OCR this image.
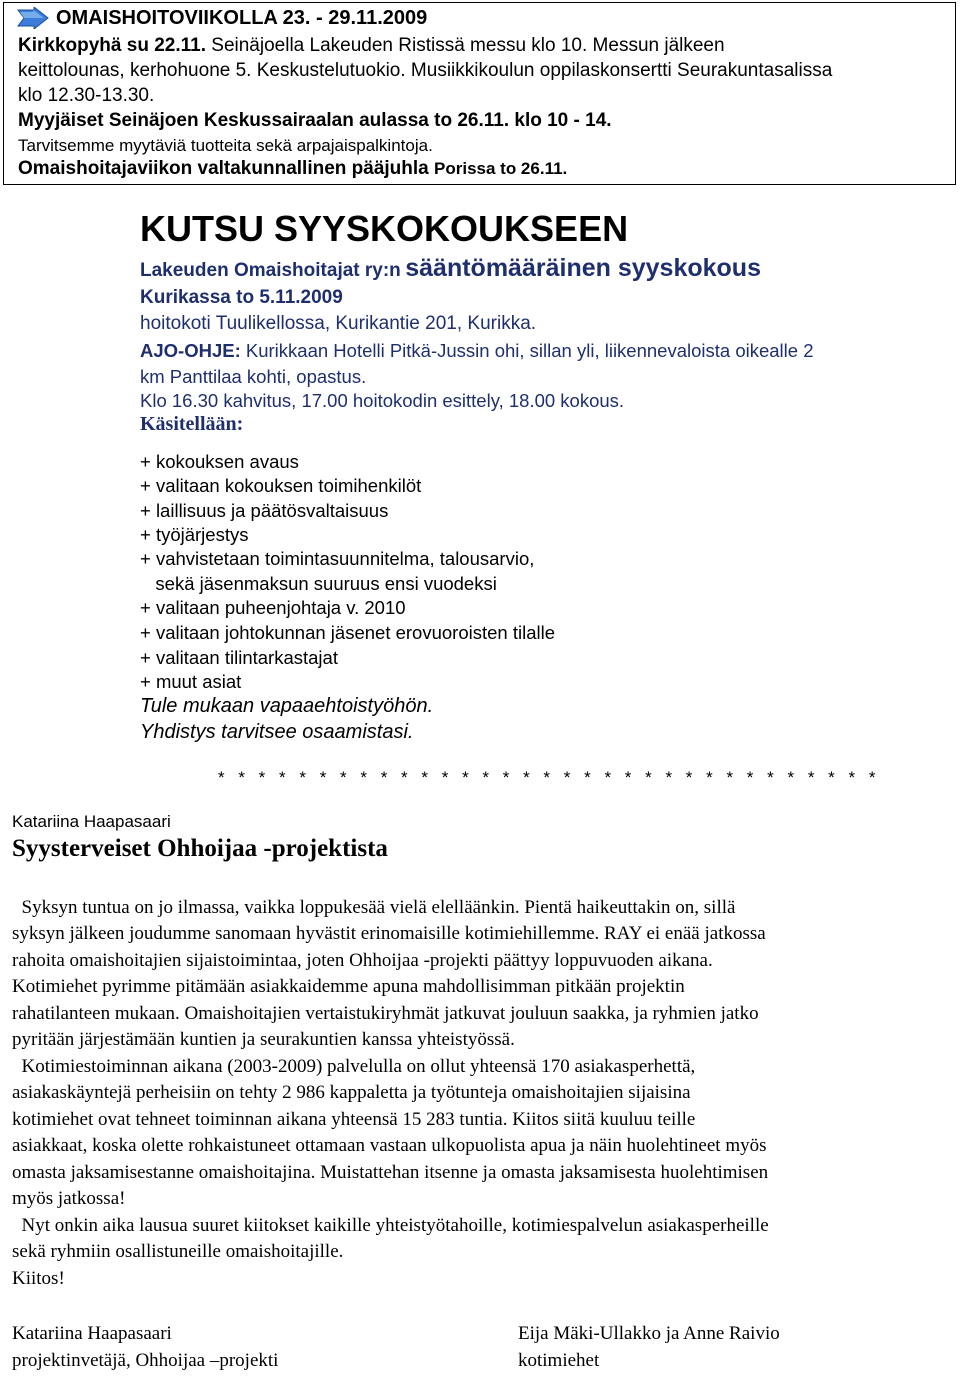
OMAISHOITOVIIKOLLA 23. - 29.11.2009
Kirkkopyhä su 22.11. Seinäjoella Lakeuden Ristissä messu klo 10. Messun jälkeen
keittolounas, kerhohuone 5. Keskustelutuokio. Musiikkikoulun oppilaskonsertti Seurakuntasalissa
klo 12.30-13.30.
Myyjäiset Seinäjoen Keskussairaalan aulassa to 26.11. klo 10 - 14.
Tarvitsemme myytäviä tuotteita sekä arpajaispalkintoja.
Omaishoitajaviikon valtakunnallinen pääjuhla Porissa to 26.11.
KUTSU SYYSKOKOUKSEEN
Lakeuden Omaishoitajat ry:n sääntömääräinen syyskokous
Kurikassa to 5.11.2009
hoitokoti Tuulikellossa, Kurikantie 201, Kurikka.
AJO-OHJE: Kurikkaan Hotelli Pitkä-Jussin ohi, sillan yli, liikennevaloista oikealle 2
km Panttilaa kohti, opastus.
Klo 16.30 kahvitus, 17.00 hoitokodin esittely, 18.00 kokous.
Käsitellään:
+ kokouksen avaus
+ valitaan kokouksen toimihenkilöt
+ laillisuus ja päätösvaltaisuus
+ työjärjestys
+ vahvistetaan toimintasuunnitelma, talousarvio,
sekä jäsenmaksun suuruus ensi vuodeksi
+ valitaan puheenjohtaja v. 2010
+ valitaan johtokunnan jäsenet erovuoroisten tilalle
+ valitaan tilintarkastajat
+ muut asiat
Tule mukaan vapaaehtoistyöhön.
Yhdistys tarvitsee osaamistasi.
* * * * * * * * * * * * * * * * * * * * * * * * * * * * * * * * *
Katariina Haapasaari
Syysterveiset Ohhoijaa -projektista
Syksyn tuntua on jo ilmassa, vaikka loppukesää vielä elelläänkin. Pientä haikeuttakin on, sillä
syksyn jälkeen joudumme sanomaan hyvästit erinomaisille kotimiehillemme. RAY ei enää jatkossa
rahoita omaishoitajien sijaistoimintaa, joten Ohhoijaa -projekti päättyy loppuvuoden aikana.
Kotimiehet pyrimme pitämään asiakkaidemme apuna mahdollisimman pitkään projektin
rahatilanteen mukaan. Omaishoitajien vertaistukiryhmät jatkuvat jouluun saakka, ja ryhmien jatko
pyritään järjestämään kuntien ja seurakuntien kanssa yhteistyössä.
Kotimiestoiminnan aikana (2003-2009) palvelulla on ollut yhteensä 170 asiakasperhettä,
asiakaskäyntejä perheisiin on tehty 2 986 kappaletta ja työtunteja omaishoitajien sijaisina
kotimiehet ovat tehneet toiminnan aikana yhteensä 15 283 tuntia. Kiitos siitä kuuluu teille
asiakkaat, koska olette rohkaistuneet ottamaan vastaan ulkopuolista apua ja näin huolehtineet myös
omasta jaksamisestanne omaishoitajina. Muistattehan itsenne ja omasta jaksamisesta huolehtimisen
myös jatkossa!
Nyt onkin aika lausua suuret kiitokset kaikille yhteistyötahoille, kotimiespalvelun asiakasperheille
sekä ryhmiin osallistuneille omaishoitajille.
Kiitos!
Katariina Haapasaari
projektinvetäjä, Ohhoijaa –projekti
Eija Mäki-Ullakko ja Anne Raivio
kotimiehet
